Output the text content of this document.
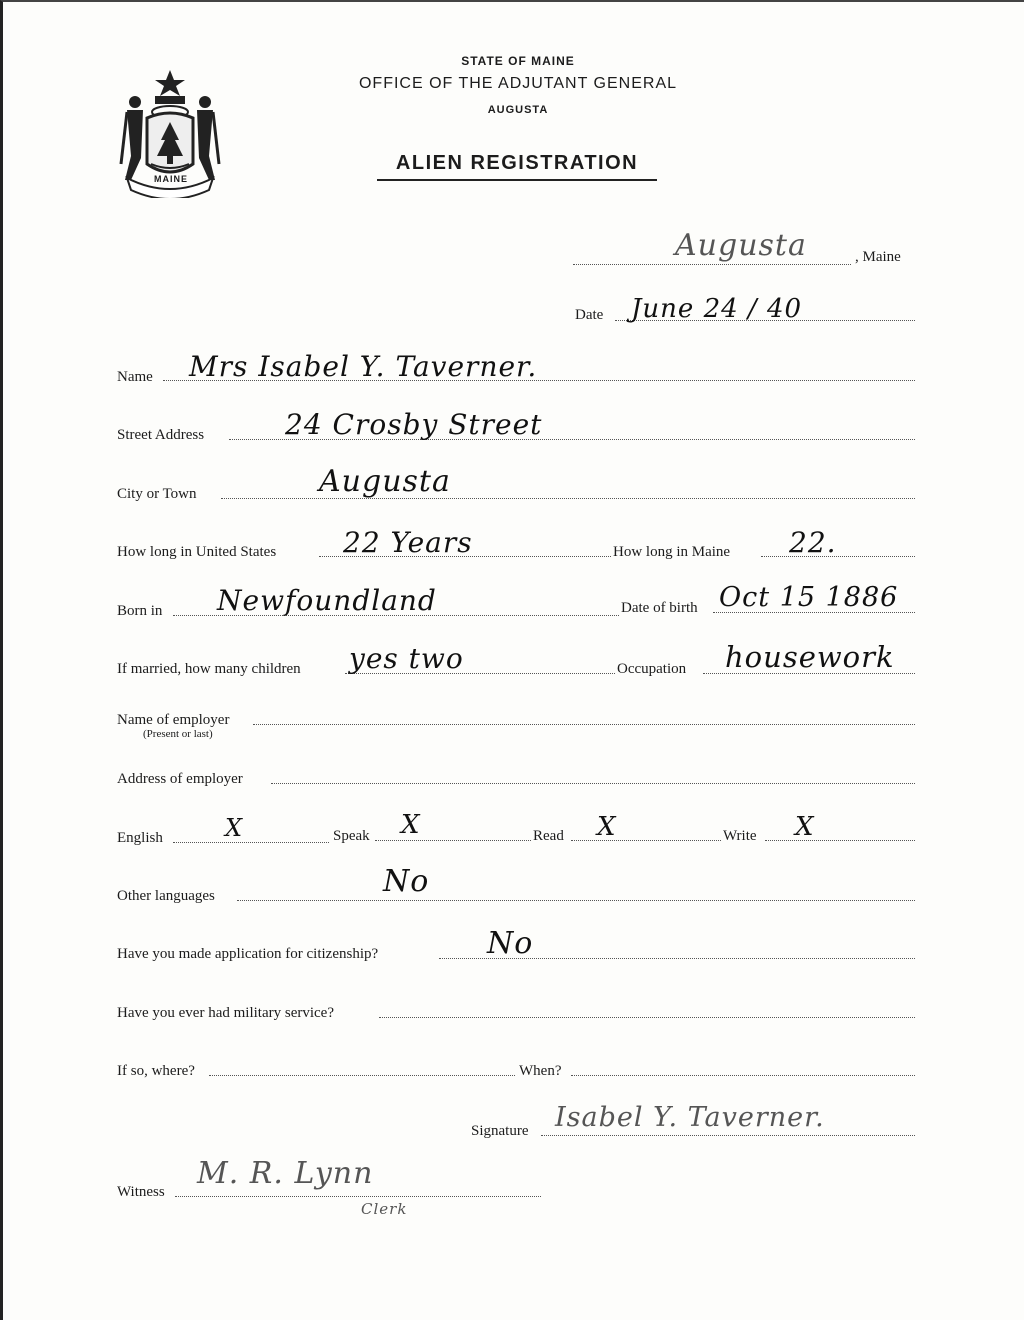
MAINE
STATE OF MAINE
OFFICE OF THE ADJUTANT GENERAL
AUGUSTA
ALIEN REGISTRATION
Augusta	, Maine
Date June 24 / 40
Name Mrs Isabel Y. Taverner.
Street Address	24 Crosby Street
City or Town	Augusta
How long in United States 22 Years	How long in Maine 22.
Born in Newfoundland	Date of birth Oct 15 1886
If married, how many children yes two	Occupation housework
Name of employer
(Present or last)
Address of employer
English	X	Speak X	Read X	Write X
Other languages	No
Have you made application for citizenship?	No
Have you ever had military service?
If so, where?	When?
Signature Isabel Y. Taverner.
Witness
M. R. Lynn
Clerk
